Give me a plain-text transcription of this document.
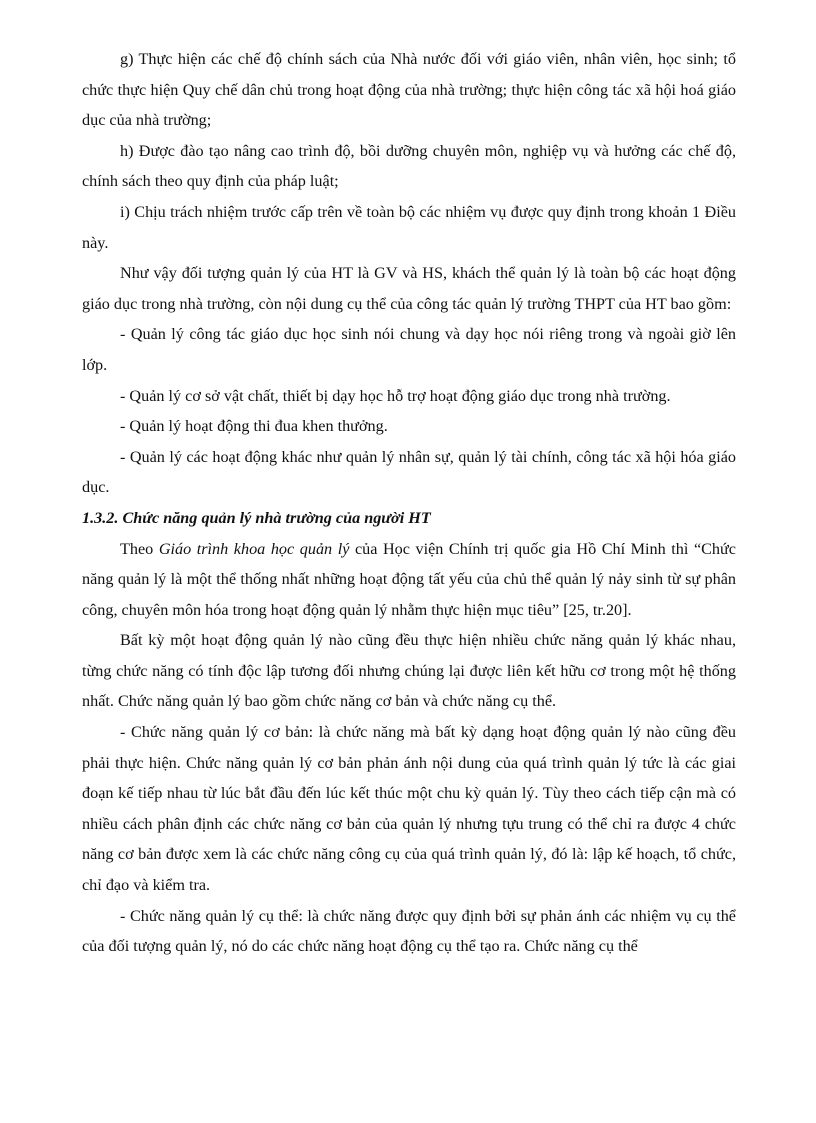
g) Thực hiện các chế độ chính sách của Nhà nước đối với giáo viên, nhân viên, học sinh; tổ chức thực hiện Quy chế dân chủ trong hoạt động của nhà trường; thực hiện công tác xã hội hoá giáo dục của nhà trường;

h) Được đào tạo nâng cao trình độ, bồi dưỡng chuyên môn, nghiệp vụ và hưởng các chế độ, chính sách theo quy định của pháp luật;

i) Chịu trách nhiệm trước cấp trên về toàn bộ các nhiệm vụ được quy định trong khoản 1 Điều này.

Như vậy đối tượng quản lý của HT là GV và HS, khách thể quản lý là toàn bộ các hoạt động giáo dục trong nhà trường, còn nội dung cụ thể của công tác quản lý trường THPT của HT bao gồm:

- Quản lý công tác giáo dục học sinh nói chung và dạy học nói riêng trong và ngoài giờ lên lớp.

- Quản lý cơ sở vật chất, thiết bị dạy học hỗ trợ hoạt động giáo dục trong nhà trường.

- Quản lý hoạt động thi đua khen thưởng.

- Quản lý các hoạt động khác như quản lý nhân sự, quản lý tài chính, công tác xã hội hóa giáo dục.

1.3.2. Chức năng quản lý nhà trường của người HT

Theo Giáo trình khoa học quản lý của Học viện Chính trị quốc gia Hồ Chí Minh thì “Chức năng quản lý là một thể thống nhất những hoạt động tất yếu của chủ thể quản lý nảy sinh từ sự phân công, chuyên môn hóa trong hoạt động quản lý nhằm thực hiện mục tiêu” [25, tr.20].

Bất kỳ một hoạt động quản lý nào cũng đều thực hiện nhiều chức năng quản lý khác nhau, từng chức năng có tính độc lập tương đối nhưng chúng lại được liên kết hữu cơ trong một hệ thống nhất. Chức năng quản lý bao gồm chức năng cơ bản và chức năng cụ thể.

- Chức năng quản lý cơ bản: là chức năng mà bất kỳ dạng hoạt động quản lý nào cũng đều phải thực hiện. Chức năng quản lý cơ bản phản ánh nội dung của quá trình quản lý tức là các giai đoạn kế tiếp nhau từ lúc bắt đầu đến lúc kết thúc một chu kỳ quản lý. Tùy theo cách tiếp cận mà có nhiều cách phân định các chức năng cơ bản của quản lý nhưng tựu trung có thể chỉ ra được 4 chức năng cơ bản được xem là các chức năng công cụ của quá trình quản lý, đó là: lập kế hoạch, tổ chức, chỉ đạo và kiểm tra.

- Chức năng quản lý cụ thể: là chức năng được quy định bởi sự phản ánh các nhiệm vụ cụ thể của đối tượng quản lý, nó do các chức năng hoạt động cụ thể tạo ra. Chức năng cụ thể
